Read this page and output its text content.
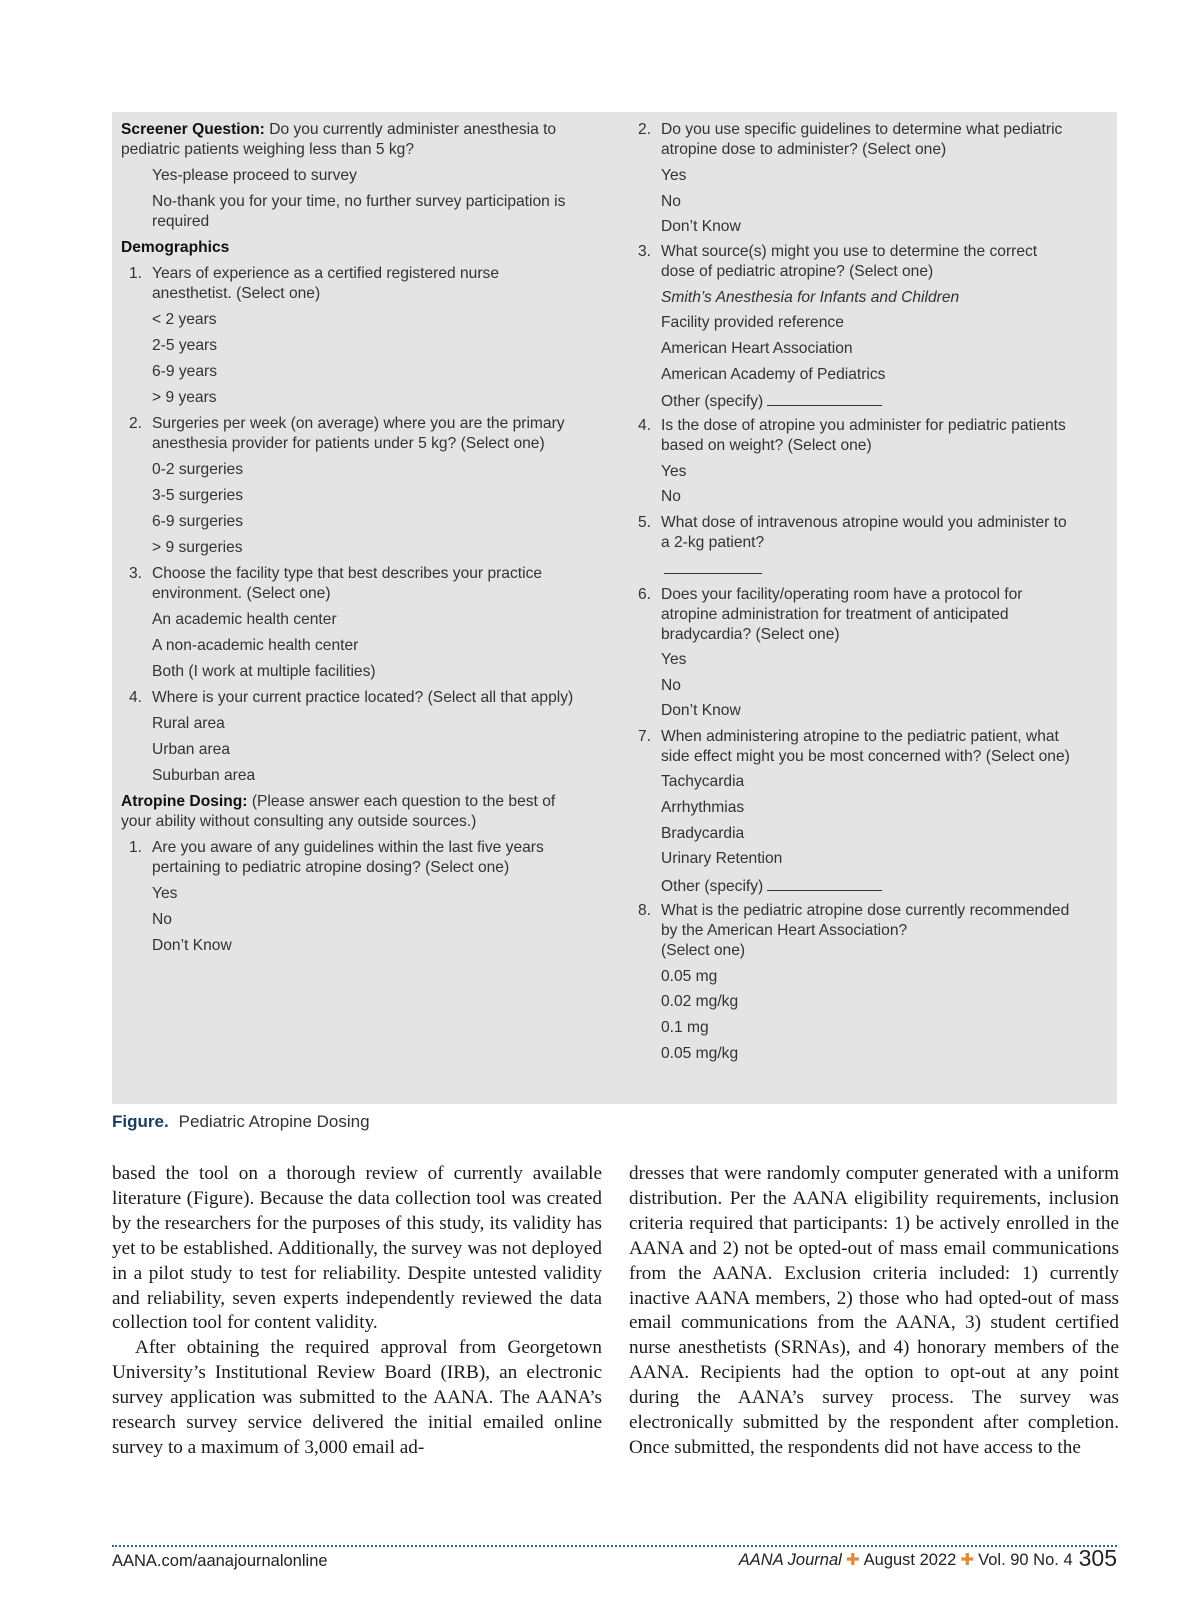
Screener Question: Do you currently administer anesthesia to
pediatric patients weighing less than 5 kg?
Yes-please proceed to survey
No-thank you for your time, no further survey participation is
required
Demographics
1. Years of experience as a certified registered nurse
anesthetist. (Select one)
< 2 years
2-5 years
6-9 years
> 9 years
2. Surgeries per week (on average) where you are the primary
anesthesia provider for patients under 5 kg? (Select one)
0-2 surgeries
3-5 surgeries
6-9 surgeries
> 9 surgeries
3. Choose the facility type that best describes your practice
environment. (Select one)
An academic health center
A non-academic health center
Both (I work at multiple facilities)
4. Where is your current practice located? (Select all that apply)
Rural area
Urban area
Suburban area
Atropine Dosing: (Please answer each question to the best of
your ability without consulting any outside sources.)
1. Are you aware of any guidelines within the last five years
pertaining to pediatric atropine dosing? (Select one)
Yes
No
Don’t Know
2. Do you use specific guidelines to determine what pediatric
atropine dose to administer? (Select one)
Yes
No
Don’t Know
3. What source(s) might you use to determine the correct
dose of pediatric atropine? (Select one)
Smith’s Anesthesia for Infants and Children
Facility provided reference
American Heart Association
American Academy of Pediatrics
Other (specify)
4. Is the dose of atropine you administer for pediatric patients
based on weight? (Select one)
Yes
No
5. What dose of intravenous atropine would you administer to
a 2-kg patient?
6. Does your facility/operating room have a protocol for
atropine administration for treatment of anticipated
bradycardia? (Select one)
Yes
No
Don’t Know
7. When administering atropine to the pediatric patient, what
side effect might you be most concerned with? (Select one)
Tachycardia
Arrhythmias
Bradycardia
Urinary Retention
Other (specify)
8. What is the pediatric atropine dose currently recommended
by the American Heart Association?
(Select one)
0.05 mg
0.02 mg/kg
0.1 mg
0.05 mg/kg
Figure. Pediatric Atropine Dosing

based the tool on a thorough review of currently available literature (Figure). Because the data collection tool was created by the researchers for the purposes of this study, its validity has yet to be established. Additionally, the survey was not deployed in a pilot study to test for reliability. Despite untested validity and reliability, seven experts independently reviewed the data collection tool for content validity.

After obtaining the required approval from Georgetown University’s Institutional Review Board (IRB), an electronic survey application was submitted to the AANA. The AANA’s research survey service delivered the initial emailed online survey to a maximum of 3,000 email ad-

dresses that were randomly computer generated with a uniform distribution. Per the AANA eligibility requirements, inclusion criteria required that participants: 1) be actively enrolled in the AANA and 2) not be opted-out of mass email communications from the AANA. Exclusion criteria included: 1) currently inactive AANA members, 2) those who had opted-out of mass email communications from the AANA, 3) student certified nurse anesthetists (SRNAs), and 4) honorary members of the AANA. Recipients had the option to opt-out at any point during the AANA’s survey process. The survey was electronically submitted by the respondent after completion. Once submitted, the respondents did not have access to the

AANA.com/aanajournalonline	AANA Journal ✚ August 2022 ✚ Vol. 90 No. 4 305
